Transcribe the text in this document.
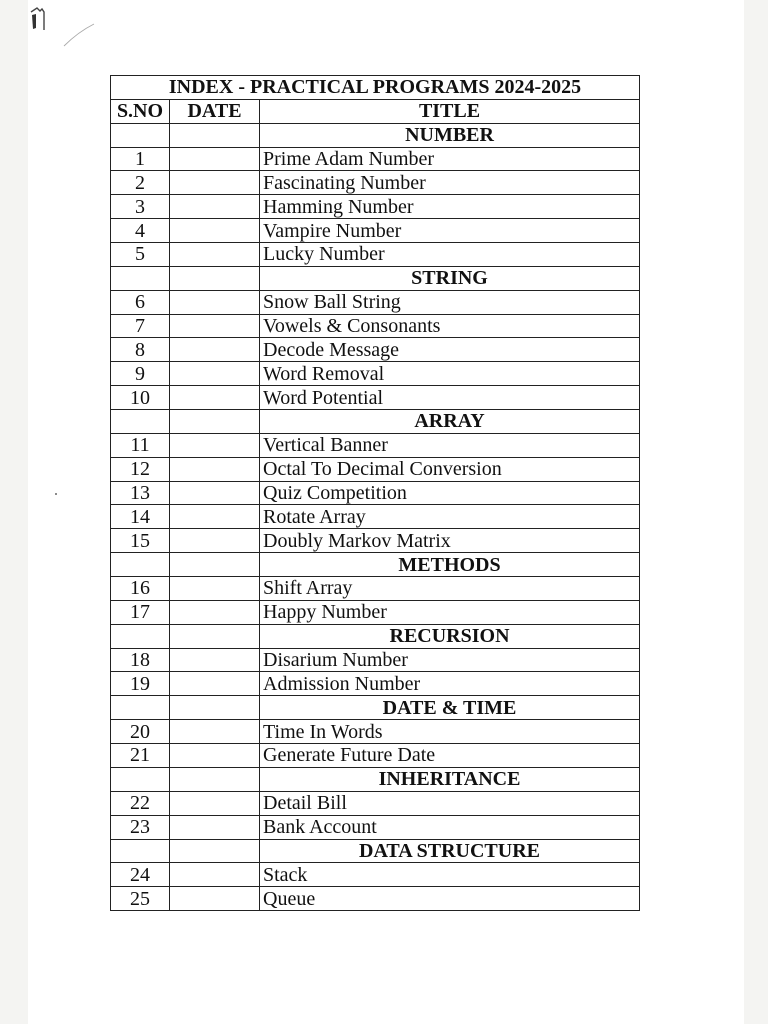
INDEX - PRACTICAL PROGRAMS 2024-2025		
S.NO	DATE	TITLE
		NUMBER
1		Prime Adam Number
2		Fascinating Number
3		Hamming Number
4		Vampire Number
5		Lucky Number
		STRING
6		Snow Ball String
7		Vowels & Consonants
8		Decode Message
9		Word Removal
10		Word Potential
		ARRAY
11		Vertical Banner
12		Octal To Decimal Conversion
13		Quiz Competition
14		Rotate Array
15		Doubly Markov Matrix
		METHODS
16		Shift Array
17		Happy Number
		RECURSION
18		Disarium Number
19		Admission Number
		DATE & TIME
20		Time In Words
21		Generate Future Date
		INHERITANCE
22		Detail Bill
23		Bank Account
		DATA STRUCTURE
24		Stack
25		Queue
